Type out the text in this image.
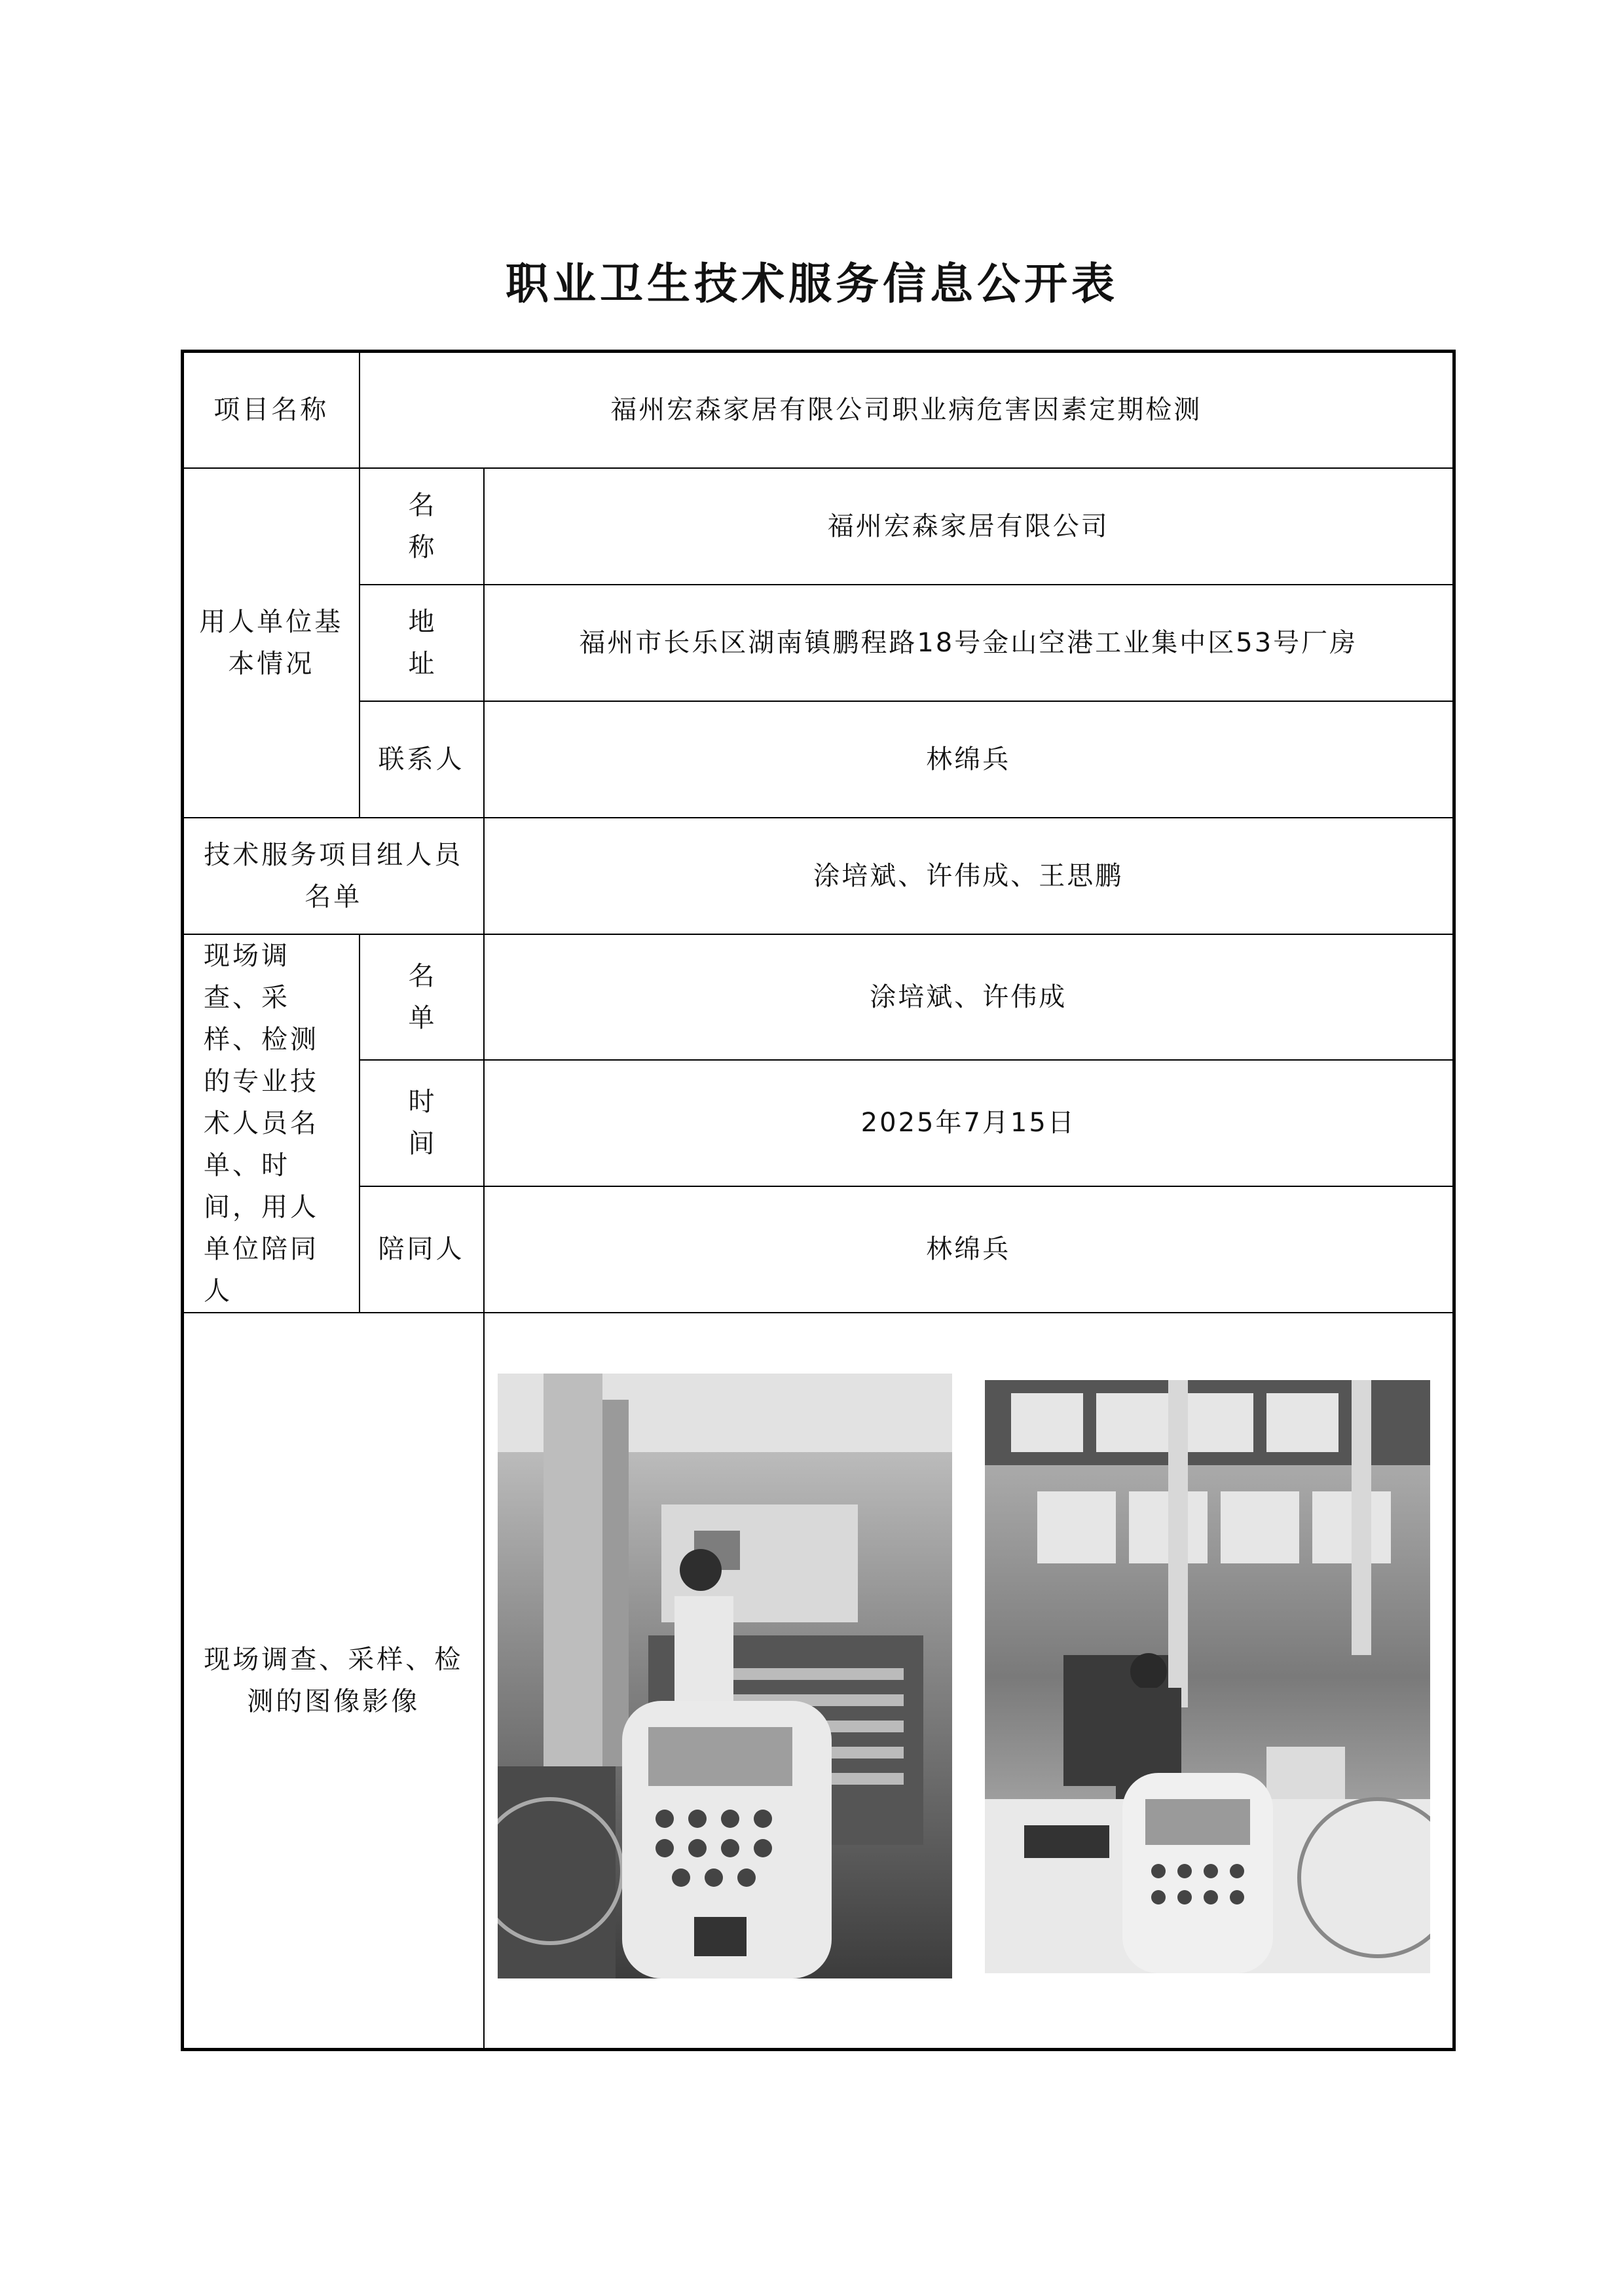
职业卫生技术服务信息公开表
项目名称	福州宏森家居有限公司职业病危害因素定期检测	

用人单位基本情况	名 称	福州宏森家居有限公司
	地 址	福州市长乐区湖南镇鹏程路18号金山空港工业集中区53号厂房
	联系人	林绵兵
技术服务项目组人员名单		涂培斌、许伟成、王思鹏
现场调查、采样、检测的专业技术人员名单、时间，用人单位陪同人	名 单	涂培斌、许伟成
	时 间	2025年7月15日
	陪同人	林绵兵
现场调查、采样、检测的图像影像	
